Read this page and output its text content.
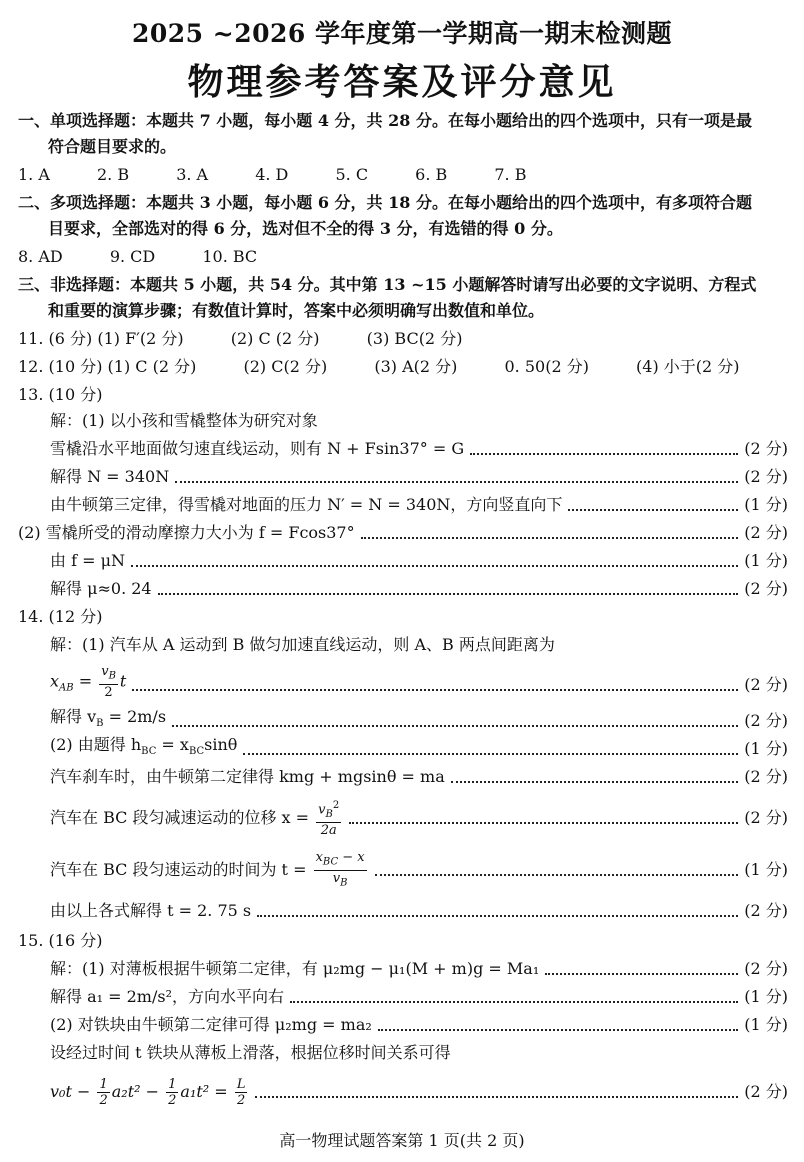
2025 ~2026 学年度第一学期高一期末检测题
物理参考答案及评分意见
一、单项选择题：本题共 7 小题，每小题 4 分，共 28 分。在每小题给出的四个选项中，只有一项是最
符合题目要求的。
1. A	2. B	3. A	4. D	5. C	6. B	7. B
二、多项选择题：本题共 3 小题，每小题 6 分，共 18 分。在每小题给出的四个选项中，有多项符合题
目要求，全部选对的得 6 分，选对但不全的得 3 分，有选错的得 0 分。
8. AD	9. CD	10. BC
三、非选择题：本题共 5 小题，共 54 分。其中第 13 ~15 小题解答时请写出必要的文字说明、方程式
和重要的演算步骤；有数值计算时，答案中必须明确写出数值和单位。
11. (6 分) (1) F′(2 分)	(2) C (2 分)	(3) BC(2 分)
12. (10 分) (1) C (2 分)	(2) C(2 分)	(3) A(2 分)	0. 50(2 分)	(4) 小于(2 分)
13. (10 分)
解：(1) 以小孩和雪橇整体为研究对象
雪橇沿水平地面做匀速直线运动，则有 N + Fsin37° = G	(2 分)
解得 N = 340N	(2 分)
由牛顿第三定律，得雪橇对地面的压力 N′ = N = 340N，方向竖直向下	(1 分)
(2) 雪橇所受的滑动摩擦力大小为 f = Fcos37°	(2 分)
由 f = μN	(1 分)
解得 μ≈0. 24	(2 分)
14. (12 分)
解：(1) 汽车从 A 运动到 B 做匀加速直线运动，则 A、B 两点间距离为
$x_{AB} = \frac{v_B}{2}$ t	(2 分)
解得 $v_B = 2m/s$	(2 分)
(2) 由题得 $h_{BC} = x_{BC}\sin\theta$	(1 分)
汽车刹车时，由牛顿第二定律得 kmg + mgsinθ = ma	(2 分)
汽车在 BC 段匀减速运动的位移 $x = \frac{v_B^2}{2a}$	(2 分)
汽车在 BC 段匀速运动的时间为 $t = \frac{x_{BC} - x}{v_B}$	(1 分)
由以上各式解得 t = 2. 75 s	(2 分)
15. (16 分)
解：(1) 对薄板根据牛顿第二定律，有 μ₂mg − μ₁(M + m)g = Ma₁	(2 分)
解得 a₁ = 2m/s²，方向水平向右	(1 分)
(2) 对铁块由牛顿第二定律可得 μ₂mg = ma₂	(1 分)
设经过时间 t 铁块从薄板上滑落，根据位移时间关系可得
$v_0t - \frac{1}{2} a_2t^2 - \frac{1}{2} a_1t^2 = \frac{L}{2}$	(2 分)
高一物理试题答案第 1 页(共 2 页)
